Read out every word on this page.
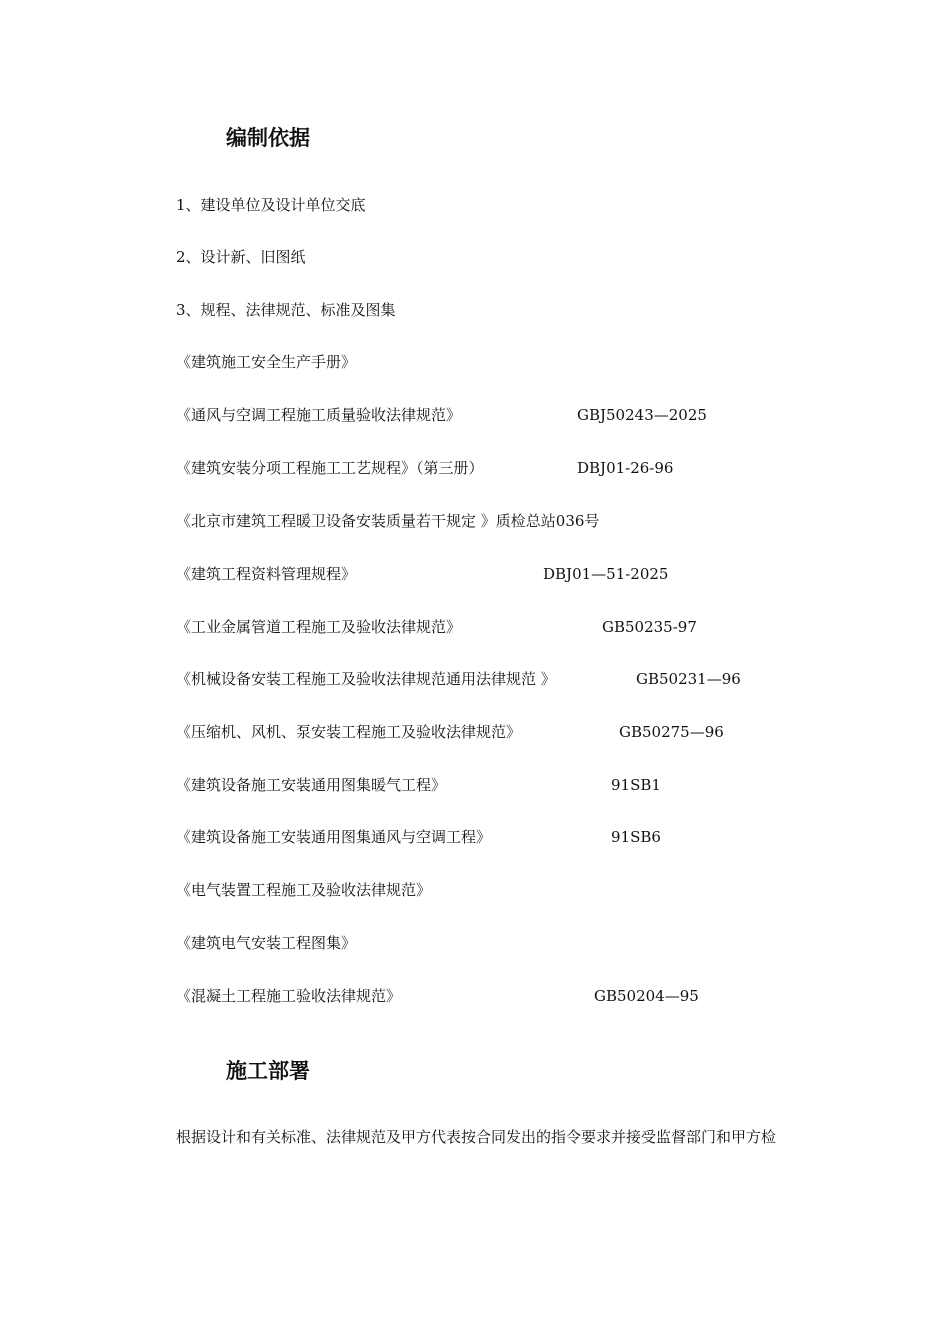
编制依据
1、建设单位及设计单位交底
2、设计新、旧图纸
3、规程、法律规范、标准及图集
《建筑施工安全生产手册》
《通风与空调工程施工质量验收法律规范》	GBJ50243—2025
《建筑安装分项工程施工工艺规程》（第三册）	DBJ01-26-96
《北京市建筑工程暖卫设备安装质量若干规定 》质检总站036号
《建筑工程资料管理规程》	DBJ01—51-2025
《工业金属管道工程施工及验收法律规范》	GB50235-97
《机械设备安装工程施工及验收法律规范通用法律规范 》	GB50231—96
《压缩机、风机、泵安装工程施工及验收法律规范》	GB50275—96
《建筑设备施工安装通用图集暖气工程》	91SB1
《建筑设备施工安装通用图集通风与空调工程》	91SB6
《电气装置工程施工及验收法律规范》
《建筑电气安装工程图集》
《混凝土工程施工验收法律规范》	GB50204—95
施工部署
根据设计和有关标准、法律规范及甲方代表按合同发出的指令要求并接受监督部门和甲方检
